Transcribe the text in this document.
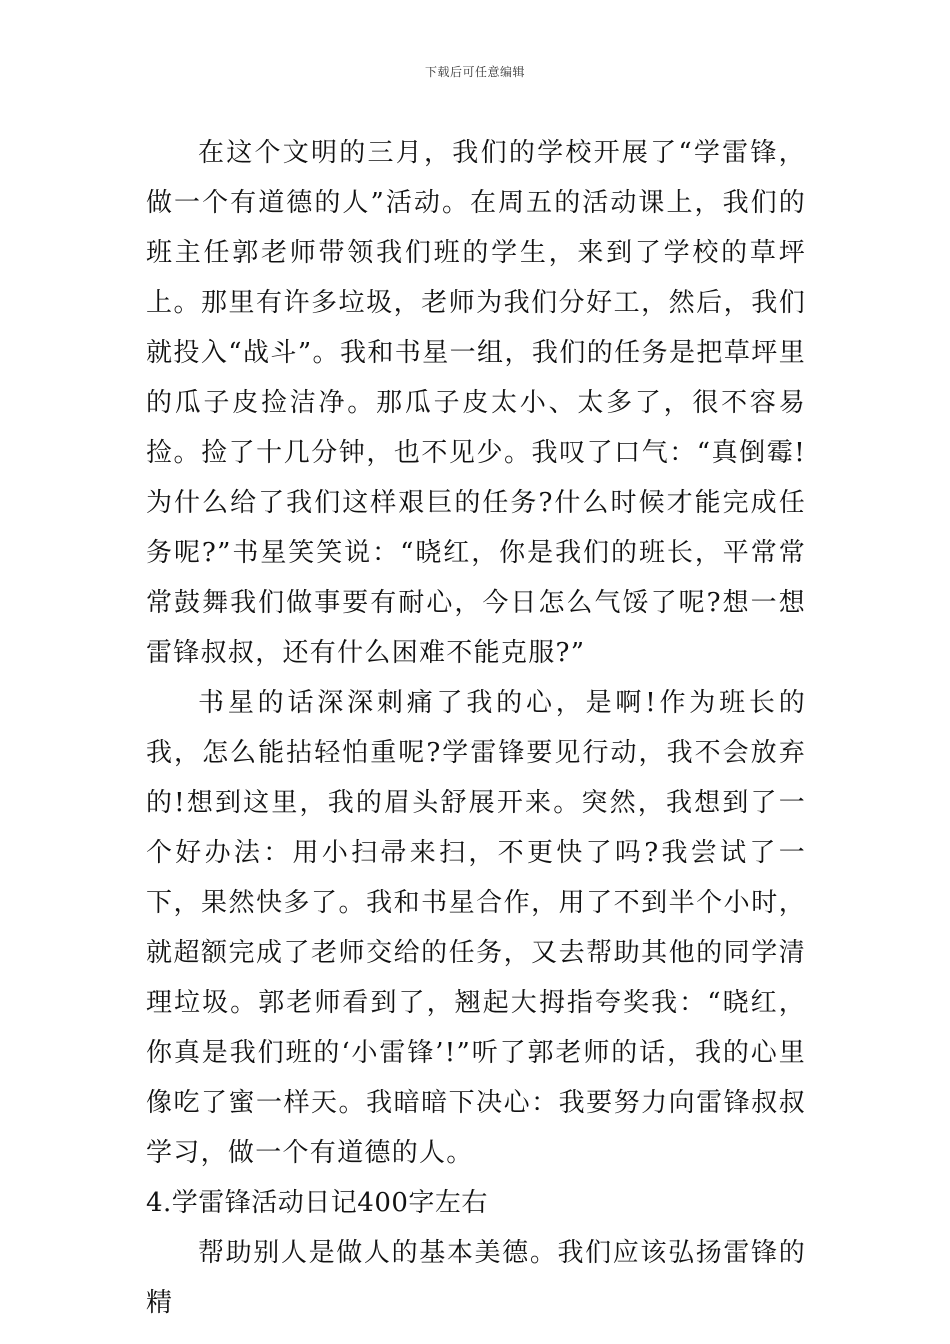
下载后可任意编辑

在这个文明的三月，我们的学校开展了“学雷锋，做一个有道德的人”活动。在周五的活动课上，我们的班主任郭老师带领我们班的学生，来到了学校的草坪上。那里有许多垃圾，老师为我们分好工，然后，我们就投入“战斗”。我和书星一组，我们的任务是把草坪里的瓜子皮捡洁净。那瓜子皮太小、太多了，很不容易捡。捡了十几分钟，也不见少。我叹了口气：“真倒霉!为什么给了我们这样艰巨的任务?什么时候才能完成任务呢?”书星笑笑说：“晓红，你是我们的班长，平常常常鼓舞我们做事要有耐心，今日怎么气馁了呢?想一想雷锋叔叔，还有什么困难不能克服?”

书星的话深深刺痛了我的心，是啊!作为班长的我，怎么能拈轻怕重呢?学雷锋要见行动，我不会放弃的!想到这里，我的眉头舒展开来。突然，我想到了一个好办法：用小扫帚来扫，不更快了吗?我尝试了一下，果然快多了。我和书星合作，用了不到半个小时，就超额完成了老师交给的任务，又去帮助其他的同学清理垃圾。郭老师看到了，翘起大拇指夸奖我：“晓红，你真是我们班的‘小雷锋’!”听了郭老师的话，我的心里像吃了蜜一样天。我暗暗下决心：我要努力向雷锋叔叔学习，做一个有道德的人。

4.学雷锋活动日记400字左右

帮助别人是做人的基本美德。我们应该弘扬雷锋的精
